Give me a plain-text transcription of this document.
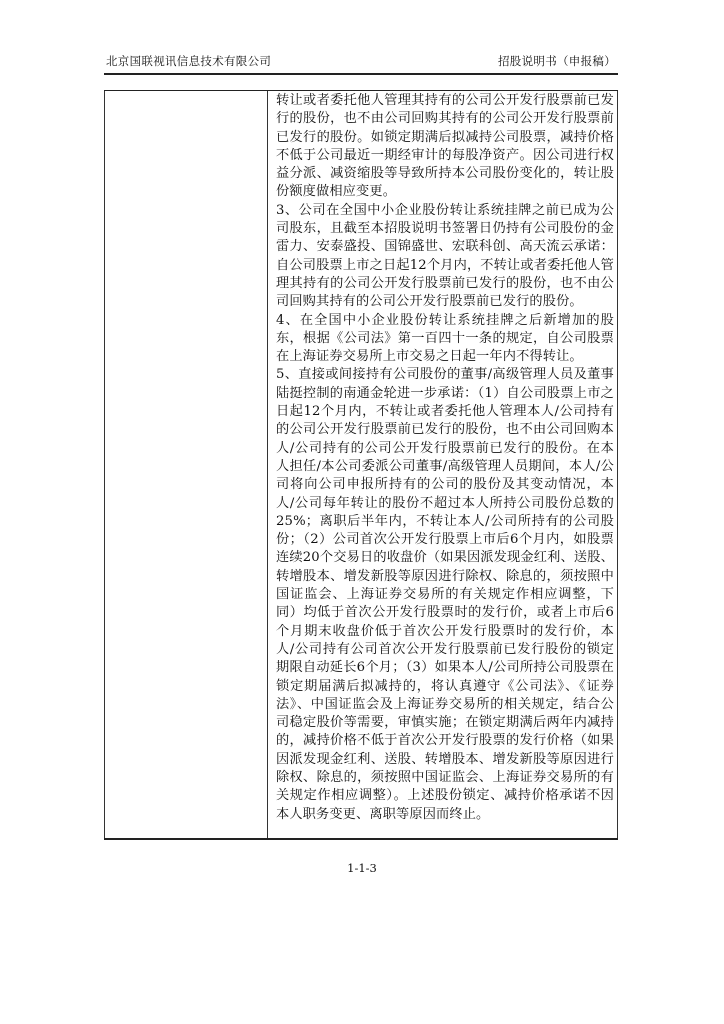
北京国联视讯信息技术有限公司	招股说明书（申报稿）

转让或者委托他人管理其持有的公司公开发行股票前已发行的股份，也不由公司回购其持有的公司公开发行股票前已发行的股份。如锁定期满后拟减持公司股票，减持价格不低于公司最近一期经审计的每股净资产。因公司进行权益分派、减资缩股等导致所持本公司股份变化的，转让股份额度做相应变更。

3、公司在全国中小企业股份转让系统挂牌之前已成为公司股东，且截至本招股说明书签署日仍持有公司股份的金雷力、安泰盛投、国锦盛世、宏联科创、高天流云承诺：自公司股票上市之日起12个月内，不转让或者委托他人管理其持有的公司公开发行股票前已发行的股份，也不由公司回购其持有的公司公开发行股票前已发行的股份。

4、在全国中小企业股份转让系统挂牌之后新增加的股东，根据《公司法》第一百四十一条的规定，自公司股票在上海证券交易所上市交易之日起一年内不得转让。

5、直接或间接持有公司股份的董事/高级管理人员及董事陆挺控制的南通金轮进一步承诺：（1）自公司股票上市之日起12个月内，不转让或者委托他人管理本人/公司持有的公司公开发行股票前已发行的股份，也不由公司回购本人/公司持有的公司公开发行股票前已发行的股份。在本人担任/本公司委派公司董事/高级管理人员期间，本人/公司将向公司申报所持有的公司的股份及其变动情况，本人/公司每年转让的股份不超过本人所持公司股份总数的25%；离职后半年内，不转让本人/公司所持有的公司股份；（2）公司首次公开发行股票上市后6个月内，如股票连续20个交易日的收盘价（如果因派发现金红利、送股、转增股本、增发新股等原因进行除权、除息的，须按照中国证监会、上海证券交易所的有关规定作相应调整，下同）均低于首次公开发行股票时的发行价，或者上市后6个月期末收盘价低于首次公开发行股票时的发行价，本人/公司持有公司首次公开发行股票前已发行股份的锁定期限自动延长6个月；（3）如果本人/公司所持公司股票在锁定期届满后拟减持的，将认真遵守《公司法》、《证券法》、中国证监会及上海证券交易所的相关规定，结合公司稳定股价等需要，审慎实施；在锁定期满后两年内减持的，减持价格不低于首次公开发行股票的发行价格（如果因派发现金红利、送股、转增股本、增发新股等原因进行除权、除息的，须按照中国证监会、上海证券交易所的有关规定作相应调整）。上述股份锁定、减持价格承诺不因本人职务变更、离职等原因而终止。

1-1-3
